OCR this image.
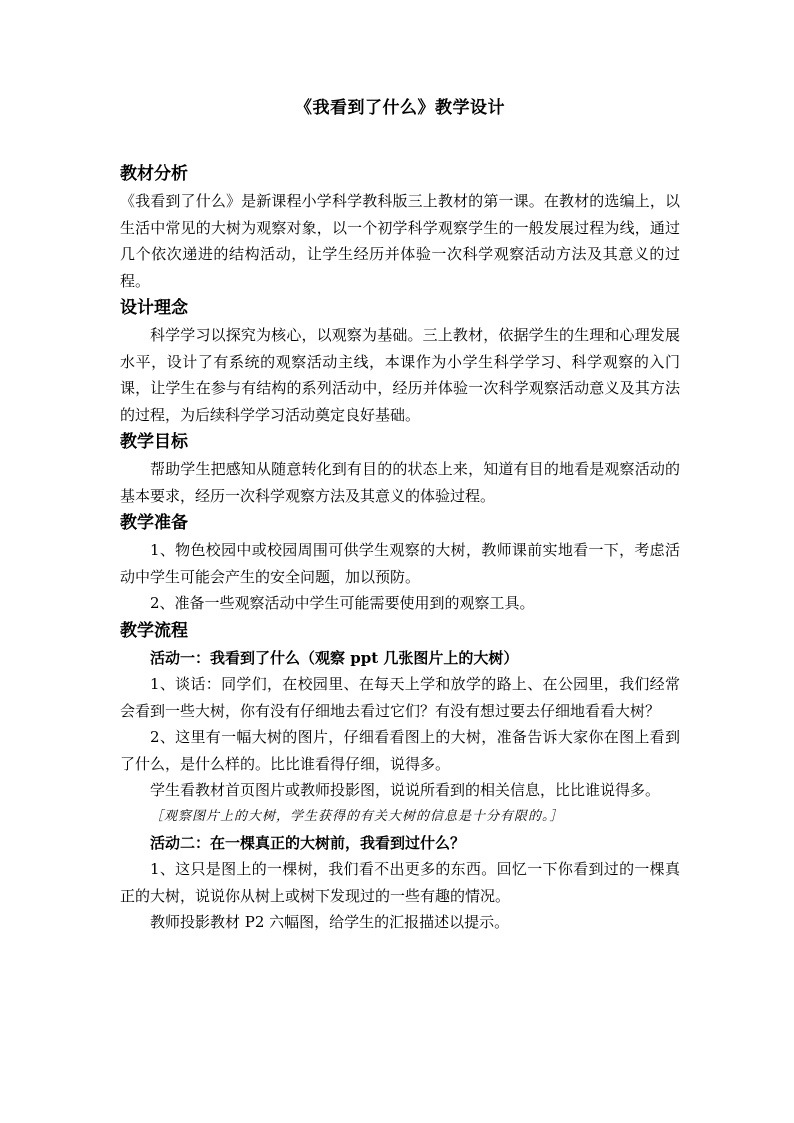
《我看到了什么》教学设计
教材分析

《我看到了什么》是新课程小学科学教科版三上教材的第一课。在教材的选编上，以生活中常见的大树为观察对象，以一个初学科学观察学生的一般发展过程为线，通过几个依次递进的结构活动，让学生经历并体验一次科学观察活动方法及其意义的过程。

设计理念

科学学习以探究为核心，以观察为基础。三上教材，依据学生的生理和心理发展水平，设计了有系统的观察活动主线，本课作为小学生科学学习、科学观察的入门课，让学生在参与有结构的系列活动中，经历并体验一次科学观察活动意义及其方法的过程，为后续科学学习活动奠定良好基础。

教学目标

帮助学生把感知从随意转化到有目的的状态上来，知道有目的地看是观察活动的基本要求，经历一次科学观察方法及其意义的体验过程。

教学准备

1、物色校园中或校园周围可供学生观察的大树，教师课前实地看一下，考虑活动中学生可能会产生的安全问题，加以预防。

2、准备一些观察活动中学生可能需要使用到的观察工具。

教学流程

活动一：我看到了什么（观察 ppt 几张图片上的大树）

1、谈话：同学们，在校园里、在每天上学和放学的路上、在公园里，我们经常会看到一些大树，你有没有仔细地去看过它们？有没有想过要去仔细地看看大树？

2、这里有一幅大树的图片，仔细看看图上的大树，准备告诉大家你在图上看到了什么，是什么样的。比比谁看得仔细，说得多。

学生看教材首页图片或教师投影图，说说所看到的相关信息，比比谁说得多。

［观察图片上的大树，学生获得的有关大树的信息是十分有限的。］

活动二：在一棵真正的大树前，我看到过什么？

1、这只是图上的一棵树，我们看不出更多的东西。回忆一下你看到过的一棵真正的大树，说说你从树上或树下发现过的一些有趣的情况。

教师投影教材 P2 六幅图，给学生的汇报描述以提示。
